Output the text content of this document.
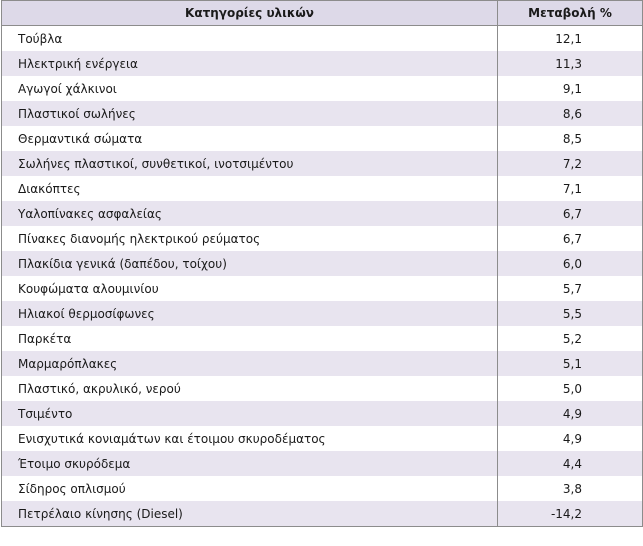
Κατηγορίες υλικών	Μεταβολή %
Τούβλα	12,1
Ηλεκτρική ενέργεια	11,3
Αγωγοί χάλκινοι	9,1
Πλαστικοί σωλήνες	8,6
Θερμαντικά σώματα	8,5
Σωλήνες πλαστικοί, συνθετικοί, ινοτσιμέντου	7,2
Διακόπτες	7,1
Υαλοπίνακες ασφαλείας	6,7
Πίνακες διανομής ηλεκτρικού ρεύματος	6,7
Πλακίδια γενικά (δαπέδου, τοίχου)	6,0
Κουφώματα αλουμινίου	5,7
Ηλιακοί θερμοσίφωνες	5,5
Παρκέτα	5,2
Μαρμαρόπλακες	5,1
Πλαστικό, ακρυλικό, νερού	5,0
Τσιμέντο	4,9
Ενισχυτικά κονιαμάτων και έτοιμου σκυροδέματος	4,9
Έτοιμο σκυρόδεμα	4,4
Σίδηρος οπλισμού	3,8
Πετρέλαιο κίνησης (Diesel)	-14,2
